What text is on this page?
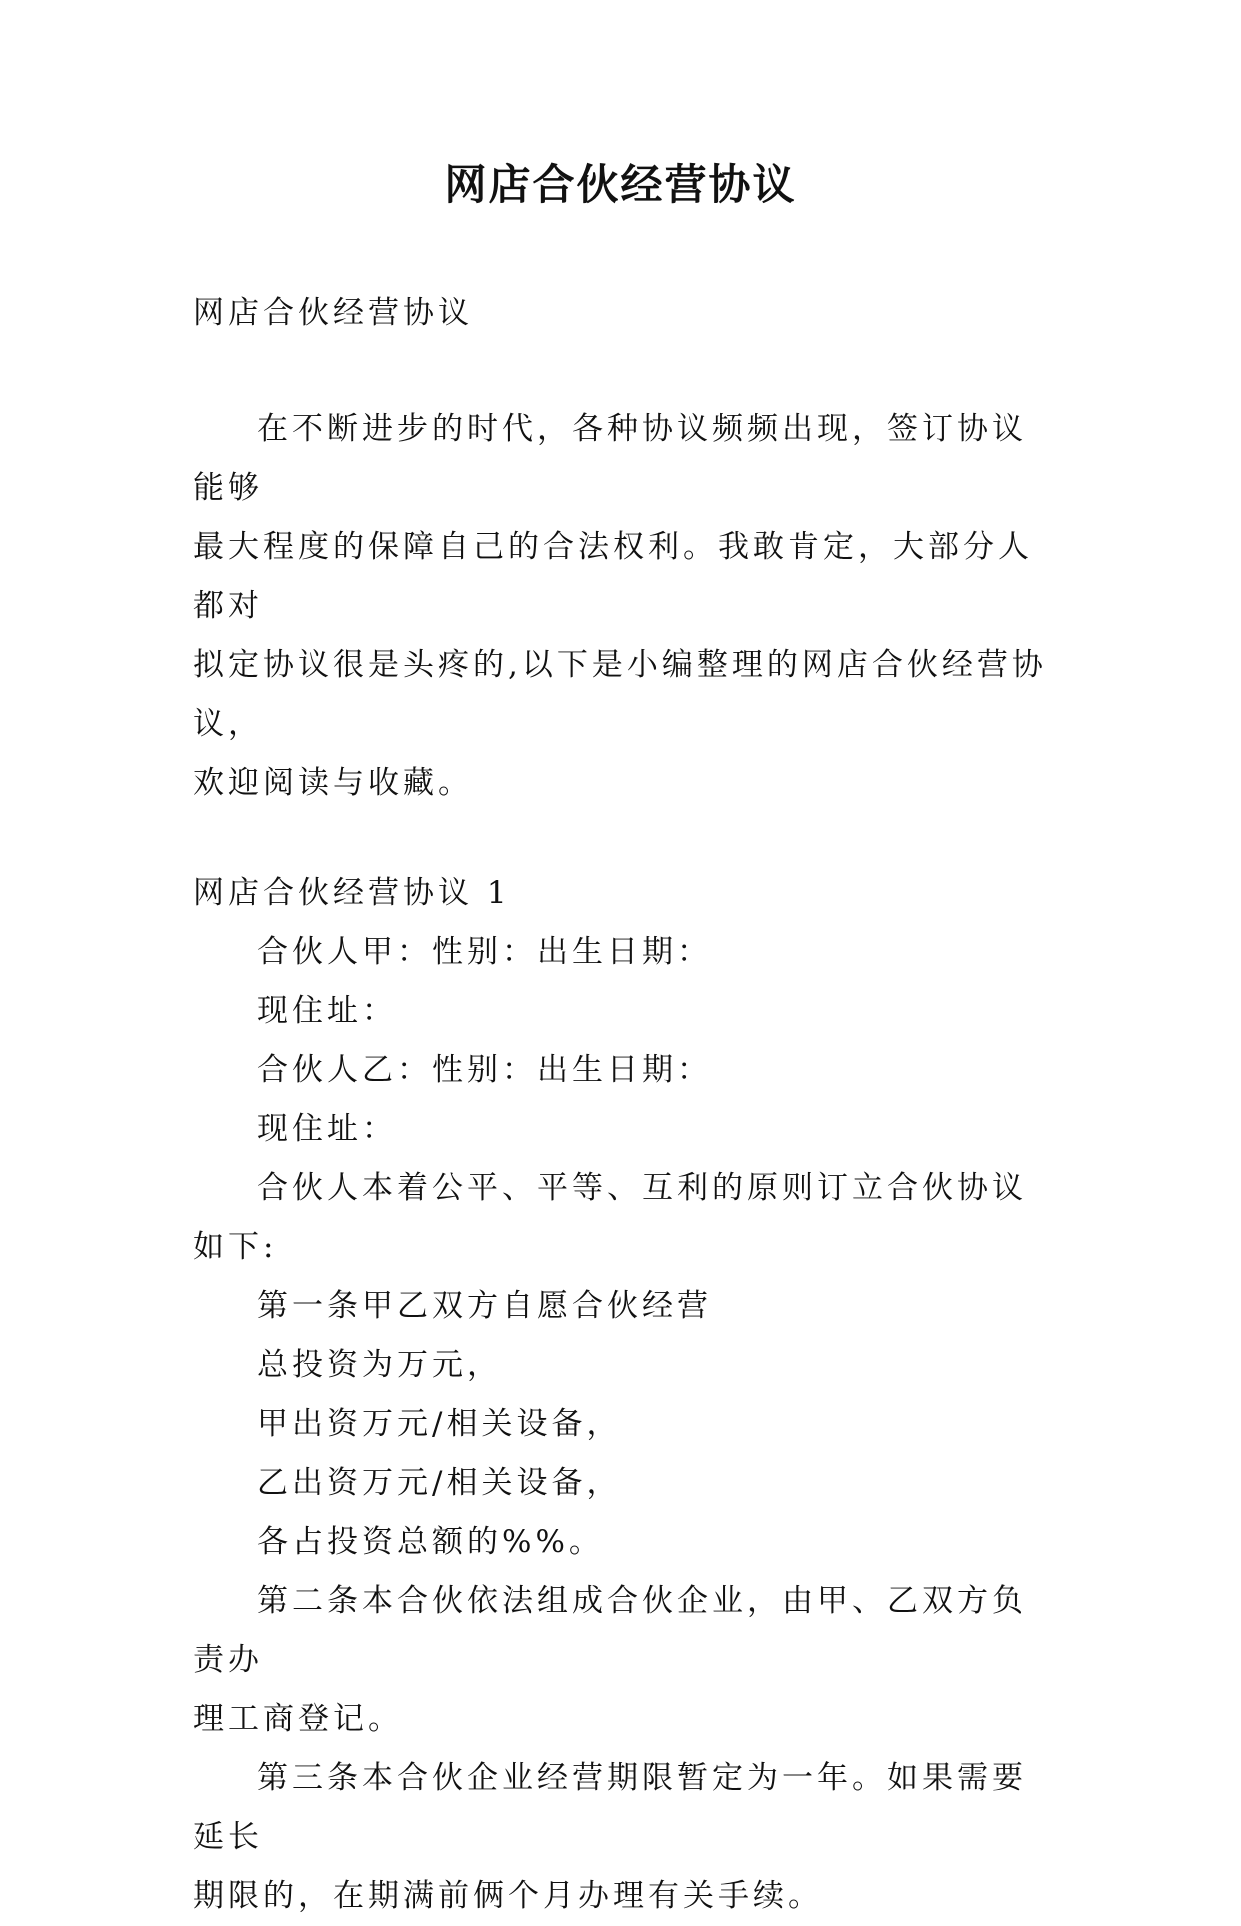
网店合伙经营协议
网店合伙经营协议

在不断进步的时代，各种协议频频出现，签订协议能够

最大程度的保障自己的合法权利。我敢肯定，大部分人都对

拟定协议很是头疼的,以下是小编整理的网店合伙经营协议，

欢迎阅读与收藏。

网店合伙经营协议 1

合伙人甲：性别：出生日期：

现住址：

合伙人乙：性别：出生日期：

现住址：

合伙人本着公平、平等、互利的原则订立合伙协议如下:

第一条甲乙双方自愿合伙经营

总投资为万元，

甲出资万元/相关设备，

乙出资万元/相关设备，

各占投资总额的%%。

第二条本合伙依法组成合伙企业，由甲、乙双方负责办

理工商登记。

第三条本合伙企业经营期限暂定为一年。如果需要延长

期限的，在期满前俩个月办理有关手续。
